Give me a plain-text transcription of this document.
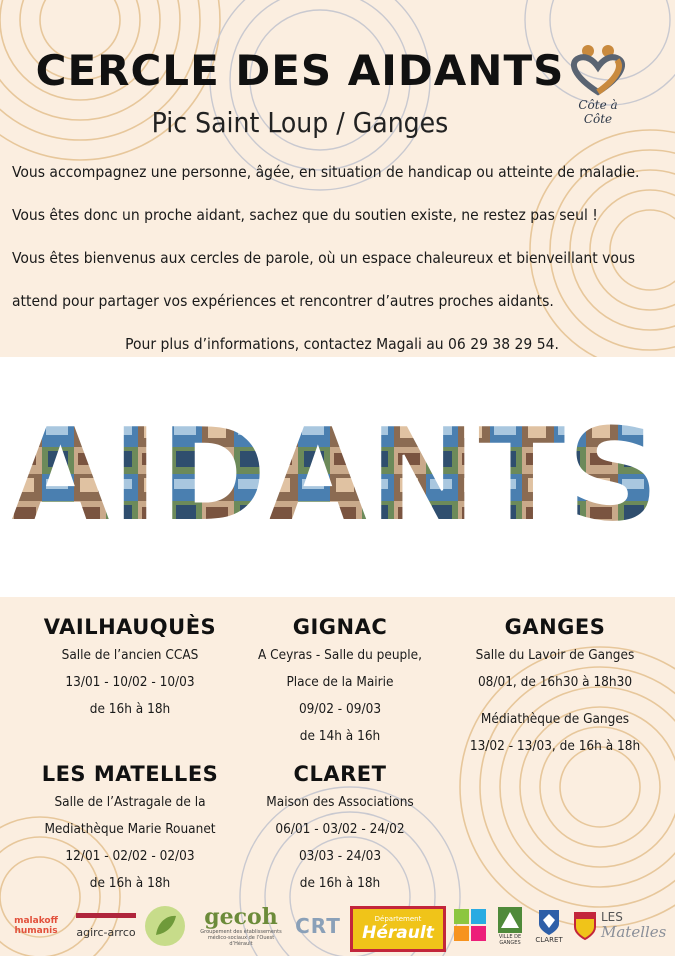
CERCLE DES AIDANTS
Pic Saint Loup / Ganges
Côte à Côte

Vous accompagnez une personne, âgée, en situation de handicap ou atteinte de maladie.

Vous êtes donc un proche aidant, sachez que du soutien existe, ne restez pas seul !

Vous êtes bienvenus aux cercles de parole, où un espace chaleureux et bienveillant vous

attend pour partager vos expériences et rencontrer d’autres proches aidants.

Pour plus d’informations, contactez Magali au 06 29 38 29 54.

AIDANTS
VAILHAUQUÈS
Salle de l’ancien CCAS
13/01 - 10/02 - 10/03
de 16h à 18h
GIGNAC
A Ceyras - Salle du peuple,
Place de la Mairie
09/02 - 09/03
de 14h à 16h
GANGES
Salle du Lavoir de Ganges
08/01, de 16h30 à 18h30
Médiathèque de Ganges
13/02 - 13/03, de 16h à 18h
LES MATELLES
Salle de l’Astragale de la
Mediathèque Marie Rouanet
12/01 - 02/02 - 02/03
de 16h à 18h
CLARET
Maison des Associations
06/01 - 03/02 - 24/02
03/03 - 24/03
de 16h à 18h
malakoff humanis	agirc-arrco
gecoh
Groupement des établissements médico-sociaux de l’Ouest d’Hérault
CRT	Département
Hérault	VILLE DE GANGES	CLARET
LES
Matelles
